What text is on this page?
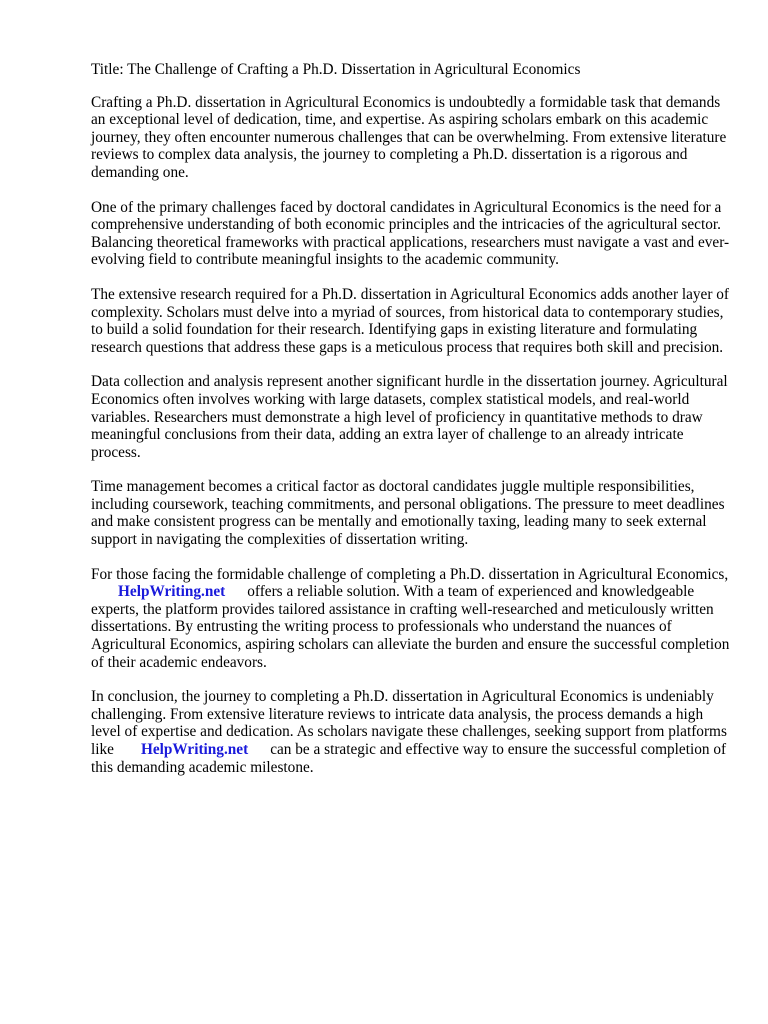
Title: The Challenge of Crafting a Ph.D. Dissertation in Agricultural Economics

Crafting a Ph.D. dissertation in Agricultural Economics is undoubtedly a formidable task that demands an exceptional level of dedication, time, and expertise. As aspiring scholars embark on this academic journey, they often encounter numerous challenges that can be overwhelming. From extensive literature reviews to complex data analysis, the journey to completing a Ph.D. dissertation is a rigorous and demanding one.

One of the primary challenges faced by doctoral candidates in Agricultural Economics is the need for a comprehensive understanding of both economic principles and the intricacies of the agricultural sector. Balancing theoretical frameworks with practical applications, researchers must navigate a vast and ever-evolving field to contribute meaningful insights to the academic community.

The extensive research required for a Ph.D. dissertation in Agricultural Economics adds another layer of complexity. Scholars must delve into a myriad of sources, from historical data to contemporary studies, to build a solid foundation for their research. Identifying gaps in existing literature and formulating research questions that address these gaps is a meticulous process that requires both skill and precision.

Data collection and analysis represent another significant hurdle in the dissertation journey. Agricultural Economics often involves working with large datasets, complex statistical models, and real-world variables. Researchers must demonstrate a high level of proficiency in quantitative methods to draw meaningful conclusions from their data, adding an extra layer of challenge to an already intricate process.

Time management becomes a critical factor as doctoral candidates juggle multiple responsibilities, including coursework, teaching commitments, and personal obligations. The pressure to meet deadlines and make consistent progress can be mentally and emotionally taxing, leading many to seek external support in navigating the complexities of dissertation writing.

For those facing the formidable challenge of completing a Ph.D. dissertation in Agricultural Economics,HelpWriting.net offers a reliable solution. With a team of experienced and knowledgeable experts, the platform provides tailored assistance in crafting well-researched and meticulously written dissertations. By entrusting the writing process to professionals who understand the nuances of Agricultural Economics, aspiring scholars can alleviate the burden and ensure the successful completion of their academic endeavors.

In conclusion, the journey to completing a Ph.D. dissertation in Agricultural Economics is undeniably challenging. From extensive literature reviews to intricate data analysis, the process demands a high level of expertise and dedication. As scholars navigate these challenges, seeking support from platforms like HelpWriting.net can be a strategic and effective way to ensure the successful completion of this demanding academic milestone.
